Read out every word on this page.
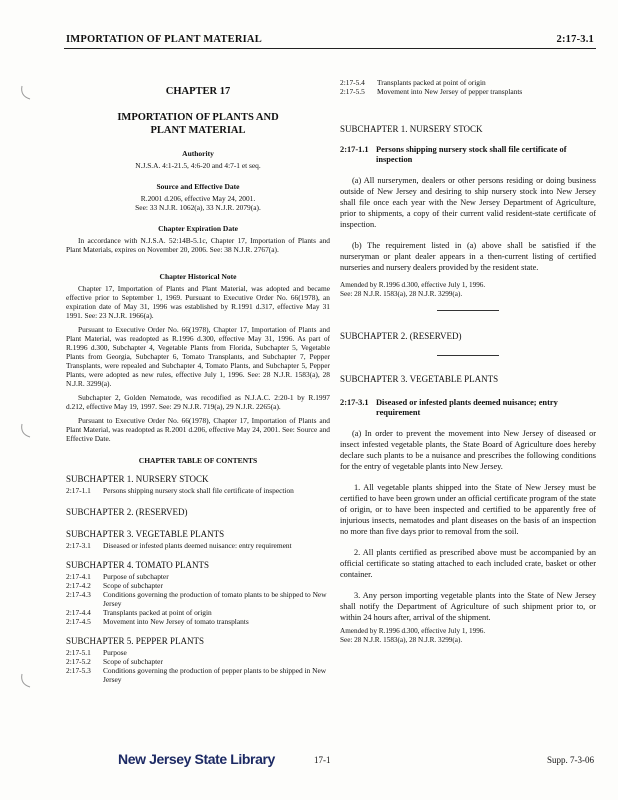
IMPORTATION OF PLANT MATERIAL	2:17-3.1
CHAPTER 17
IMPORTATION OF PLANTS AND PLANT MATERIAL
Authority
N.J.S.A. 4:1-21.5, 4:6-20 and 4:7-1 et seq.
Source and Effective Date
R.2001 d.206, effective May 24, 2001.
See: 33 N.J.R. 1062(a), 33 N.J.R. 2079(a).
Chapter Expiration Date
In accordance with N.J.S.A. 52:14B-5.1c, Chapter 17, Importation of Plants and Plant Materials, expires on November 20, 2006. See: 38 N.J.R. 2767(a).
Chapter Historical Note
Chapter 17, Importation of Plants and Plant Material, was adopted and became effective prior to September 1, 1969. Pursuant to Executive Order No. 66(1978), an expiration date of May 31, 1996 was established by R.1991 d.317, effective May 31 1991. See: 23 N.J.R. 1966(a).
Pursuant to Executive Order No. 66(1978), Chapter 17, Importation of Plants and Plant Material, was readopted as R.1996 d.300, effective May 31, 1996. As part of R.1996 d.300, Subchapter 4, Vegetable Plants from Florida, Subchapter 5, Vegetable Plants from Georgia, Subchapter 6, Tomato Transplants, and Subchapter 7, Pepper Transplants, were repealed and Subchapter 4, Tomato Plants, and Subchapter 5, Pepper Plants, were adopted as new rules, effective July 1, 1996. See: 28 N.J.R. 1583(a), 28 N.J.R. 3299(a).
Subchapter 2, Golden Nematode, was recodified as N.J.A.C. 2:20-1 by R.1997 d.212, effective May 19, 1997. See: 29 N.J.R. 719(a), 29 N.J.R. 2265(a).
Pursuant to Executive Order No. 66(1978), Chapter 17, Importation of Plants and Plant Material, was readopted as R.2001 d.206, effective May 24, 2001. See: Source and Effective Date.
CHAPTER TABLE OF CONTENTS
SUBCHAPTER 1. NURSERY STOCK
2:17-1.1	Persons shipping nursery stock shall file certificate of inspection
SUBCHAPTER 2. (RESERVED)
SUBCHAPTER 3. VEGETABLE PLANTS
2:17-3.1	Diseased or infested plants deemed nuisance: entry requirement
SUBCHAPTER 4. TOMATO PLANTS
2:17-4.1	Purpose of subchapter
2:17-4.2	Scope of subchapter
2:17-4.3	Conditions governing the production of tomato plants to be shipped to New Jersey
2:17-4.4	Transplants packed at point of origin
2:17-4.5	Movement into New Jersey of tomato transplants
SUBCHAPTER 5. PEPPER PLANTS
2:17-5.1	Purpose
2:17-5.2	Scope of subchapter
2:17-5.3	Conditions governing the production of pepper plants to be shipped in New Jersey
2:17-5.4	Transplants packed at point of origin
2:17-5.5	Movement into New Jersey of pepper transplants
SUBCHAPTER 1. NURSERY STOCK
2:17-1.1 Persons shipping nursery stock shall file certificate of inspection
(a) All nurserymen, dealers or other persons residing or doing business outside of New Jersey and desiring to ship nursery stock into New Jersey shall file once each year with the New Jersey Department of Agriculture, prior to shipments, a copy of their current valid resident-state certificate of inspection.
(b) The requirement listed in (a) above shall be satisfied if the nurseryman or plant dealer appears in a then-current listing of certified nurseries and nursery dealers provided by the resident state.
Amended by R.1996 d.300, effective July 1, 1996.
See: 28 N.J.R. 1583(a), 28 N.J.R. 3299(a).
SUBCHAPTER 2. (RESERVED)
SUBCHAPTER 3. VEGETABLE PLANTS
2:17-3.1 Diseased or infested plants deemed nuisance; entry requirement
(a) In order to prevent the movement into New Jersey of diseased or insect infested vegetable plants, the State Board of Agriculture does hereby declare such plants to be a nuisance and prescribes the following conditions for the entry of vegetable plants into New Jersey.
1. All vegetable plants shipped into the State of New Jersey must be certified to have been grown under an official certificate program of the state of origin, or to have been inspected and certified to be apparently free of injurious insects, nematodes and plant diseases on the basis of an inspection no more than five days prior to removal from the soil.
2. All plants certified as prescribed above must be accompanied by an official certificate so stating attached to each included crate, basket or other container.
3. Any person importing vegetable plants into the State of New Jersey shall notify the Department of Agriculture of such shipment prior to, or within 24 hours after, arrival of the shipment.
Amended by R.1996 d.300, effective July 1, 1996.
See: 28 N.J.R. 1583(a), 28 N.J.R. 3299(a).
New Jersey State Library	17-1	Supp. 7-3-06
